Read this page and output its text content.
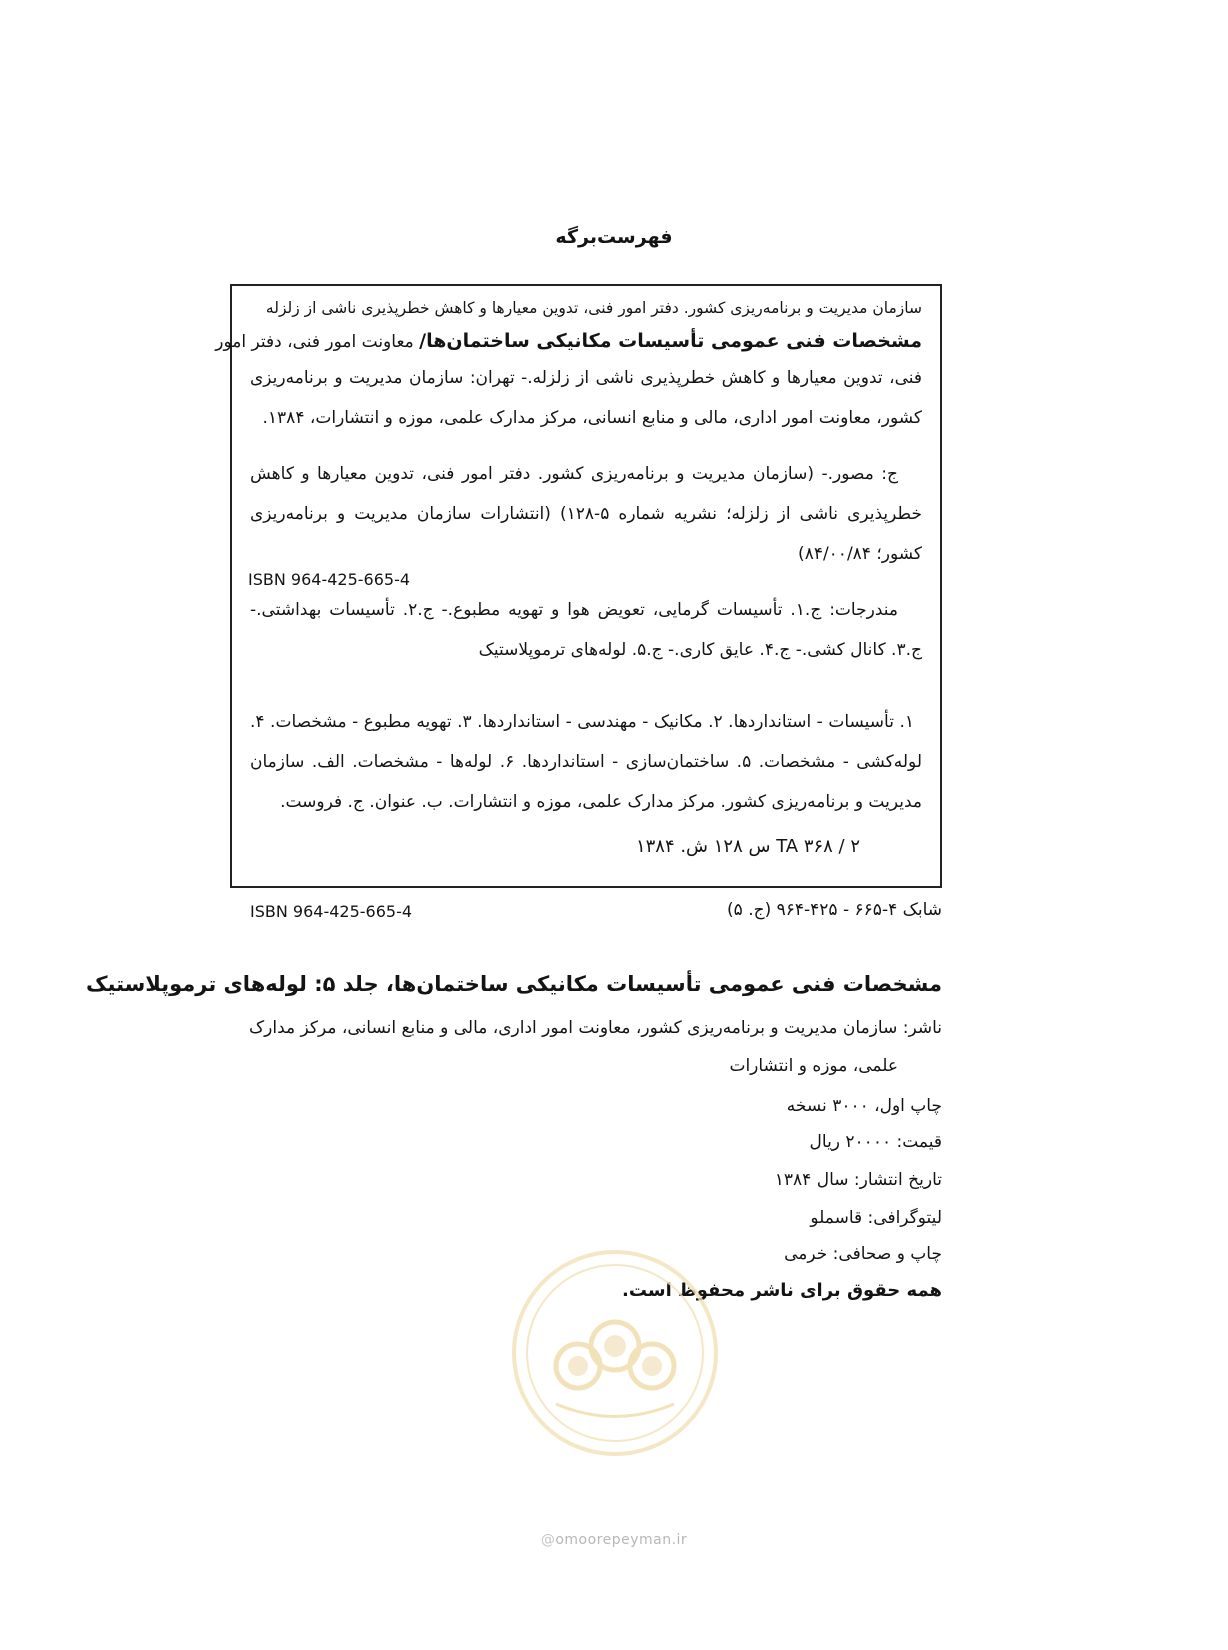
فهرست‌برگه

سازمان مدیریت و برنامه‌ریزی کشور. دفتر امور فنی، تدوین معیارها و کاهش خطرپذیری ناشی از زلزله

مشخصات فنی عمومی تأسیسات مکانیکی ساختمان‌ها/ معاونت امور فنی، دفتر امور

فنی، تدوین معیارها و کاهش خطرپذیری ناشی از زلزله.- تهران: سازمان مدیریت و برنامه‌ریزی کشور، معاونت امور اداری، مالی و منابع انسانی، مرکز مدارک علمی، موزه و انتشارات، ۱۳۸۴.

ج: مصور.- (سازمان مدیریت و برنامه‌ریزی کشور. دفتر امور فنی، تدوین معیارها و کاهش خطرپذیری ناشی از زلزله؛ نشریه شماره ۵-۱۲۸) (انتشارات سازمان مدیریت و برنامه‌ریزی کشور؛ ۸۴/۰۰/۸۴)

ISBN 964-425-665-4

مندرجات: ج.۱. تأسیسات گرمایی، تعویض هوا و تهویه مطبوع.- ج.۲. تأسیسات بهداشتی.- ج.۳. کانال کشی.- ج.۴. عایق کاری.- ج.۵. لوله‌های ترموپلاستیک

۱. تأسیسات - استانداردها. ۲. مکانیک - مهندسی - استانداردها. ۳. تهویه مطبوع - مشخصات. ۴. لوله‌کشی - مشخصات. ۵. ساختمان‌سازی - استانداردها. ۶. لوله‌ها - مشخصات. الف. سازمان مدیریت و برنامه‌ریزی کشور. مرکز مدارک علمی، موزه و انتشارات. ب. عنوان. ج. فروست.

TA ۳۶۸ / ۲ س ۱۲۸ ش. ۱۳۸۴

ISBN 964-425-665-4	شابک ۴-۶۶۵ - ۴۲۵-۹۶۴ (ج. ۵)
مشخصات فنی عمومی تأسیسات مکانیکی ساختمان‌ها، جلد ۵: لوله‌های ترموپلاستیک
ناشر: سازمان مدیریت و برنامه‌ریزی کشور، معاونت امور اداری، مالی و منابع انسانی، مرکز مدارک
علمی، موزه و انتشارات
چاپ اول، ۳۰۰۰ نسخه
قیمت: ۲۰۰۰۰ ریال
تاریخ انتشار: سال ۱۳۸۴
لیتوگرافی: قاسملو
چاپ و صحافی: خرمی
همه حقوق برای ناشر محفوظ است.
@omoorepeyman.ir
